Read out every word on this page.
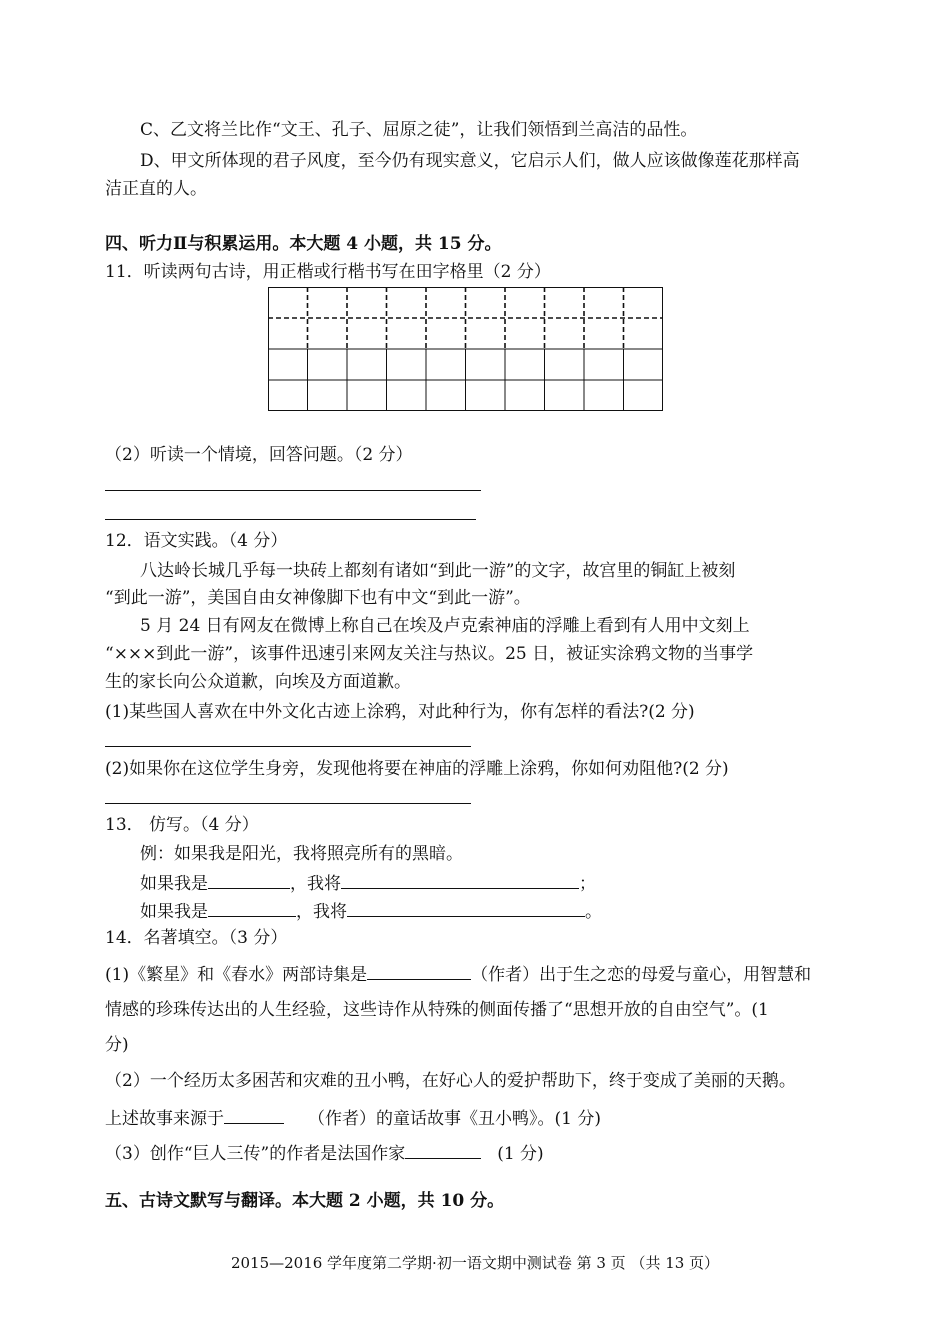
C、乙文将兰比作“文王、孔子、屈原之徒”，让我们领悟到兰高洁的品性。
D、甲文所体现的君子风度，至今仍有现实意义，它启示人们，做人应该做像莲花那样高
洁正直的人。
四、听力Ⅱ与积累运用。本大题 4 小题，共 15 分。
11．听读两句古诗，用正楷或行楷书写在田字格里（2 分）
（2）听读一个情境，回答问题。（2 分）
12．语文实践。（4 分）
八达岭长城几乎每一块砖上都刻有诸如“到此一游”的文字，故宫里的铜缸上被刻
“到此一游”，美国自由女神像脚下也有中文“到此一游”。
5 月 24 日有网友在微博上称自己在埃及卢克索神庙的浮雕上看到有人用中文刻上
“×××到此一游”，该事件迅速引来网友关注与热议。25 日，被证实涂鸦文物的当事学
生的家长向公众道歉，向埃及方面道歉。
(1)某些国人喜欢在中外文化古迹上涂鸦，对此种行为，你有怎样的看法?(2 分)
(2)如果你在这位学生身旁，发现他将要在神庙的浮雕上涂鸦，你如何劝阻他?(2 分)
13． 仿写。（4 分）
例：如果我是阳光，我将照亮所有的黑暗。
如果我是	，我将	；
如果我是	，我将	。
14．名著填空。（3 分）
(1)《繁星》和《春水》两部诗集是	（作者）出于生之恋的母爱与童心，用智慧和
情感的珍珠传达出的人生经验，这些诗作从特殊的侧面传播了“思想开放的自由空气”。(1
分)
（2）一个经历太多困苦和灾难的丑小鸭，在好心人的爱护帮助下，终于变成了美丽的天鹅。
上述故事来源于	（作者）的童话故事《丑小鸭》。(1 分)
（3）创作“巨人三传”的作者是法国作家	(1 分)
五、古诗文默写与翻译。本大题 2 小题，共 10 分。
2015—2016 学年度第二学期·初一语文期中测试卷 第 3 页 （共 13 页）
